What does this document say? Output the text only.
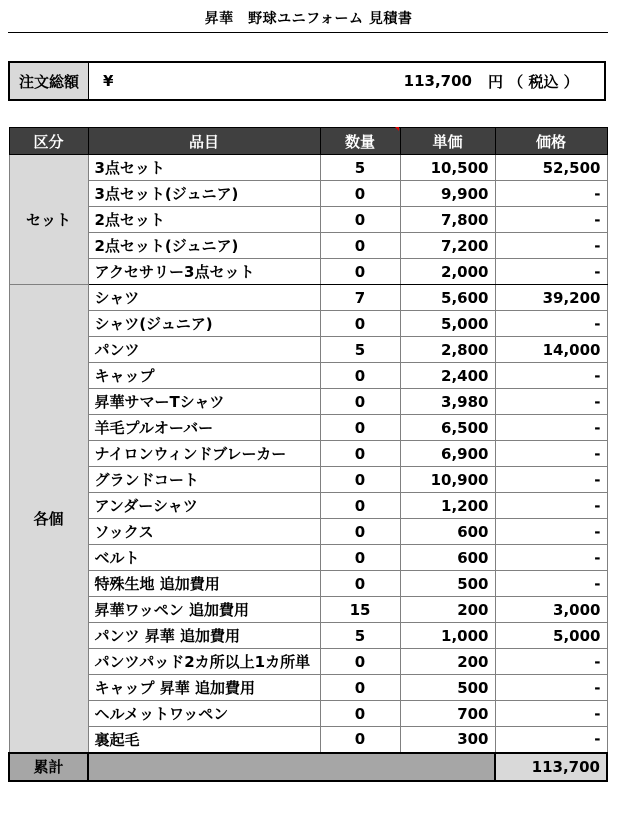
昇華　野球ユニフォーム 見積書
注文総額	¥	113,700	円 （ 税込 ）
区分	品目	数量	単価	価格
セット	3点セット	5	10,500	52,500
	3点セット(ジュニア)	0	9,900	-
	2点セット	0	7,800	-
	2点セット(ジュニア)	0	7,200	-
	アクセサリー3点セット	0	2,000	-
各個	シャツ	7	5,600	39,200
	シャツ(ジュニア)	0	5,000	-
	パンツ	5	2,800	14,000
	キャップ	0	2,400	-
	昇華サマーTシャツ	0	3,980	-
	羊毛プルオーバー	0	6,500	-
	ナイロンウィンドブレーカー	0	6,900	-
	グランドコート	0	10,900	-
	アンダーシャツ	0	1,200	-
	ソックス	0	600	-
	ベルト	0	600	-
	特殊生地 追加費用	0	500	-
	昇華ワッペン 追加費用	15	200	3,000
	パンツ 昇華 追加費用	5	1,000	5,000
	パンツパッド2カ所以上1カ所単	0	200	-
	キャップ 昇華 追加費用	0	500	-
	ヘルメットワッペン	0	700	-
	裏起毛	0	300	-
累計				113,700
